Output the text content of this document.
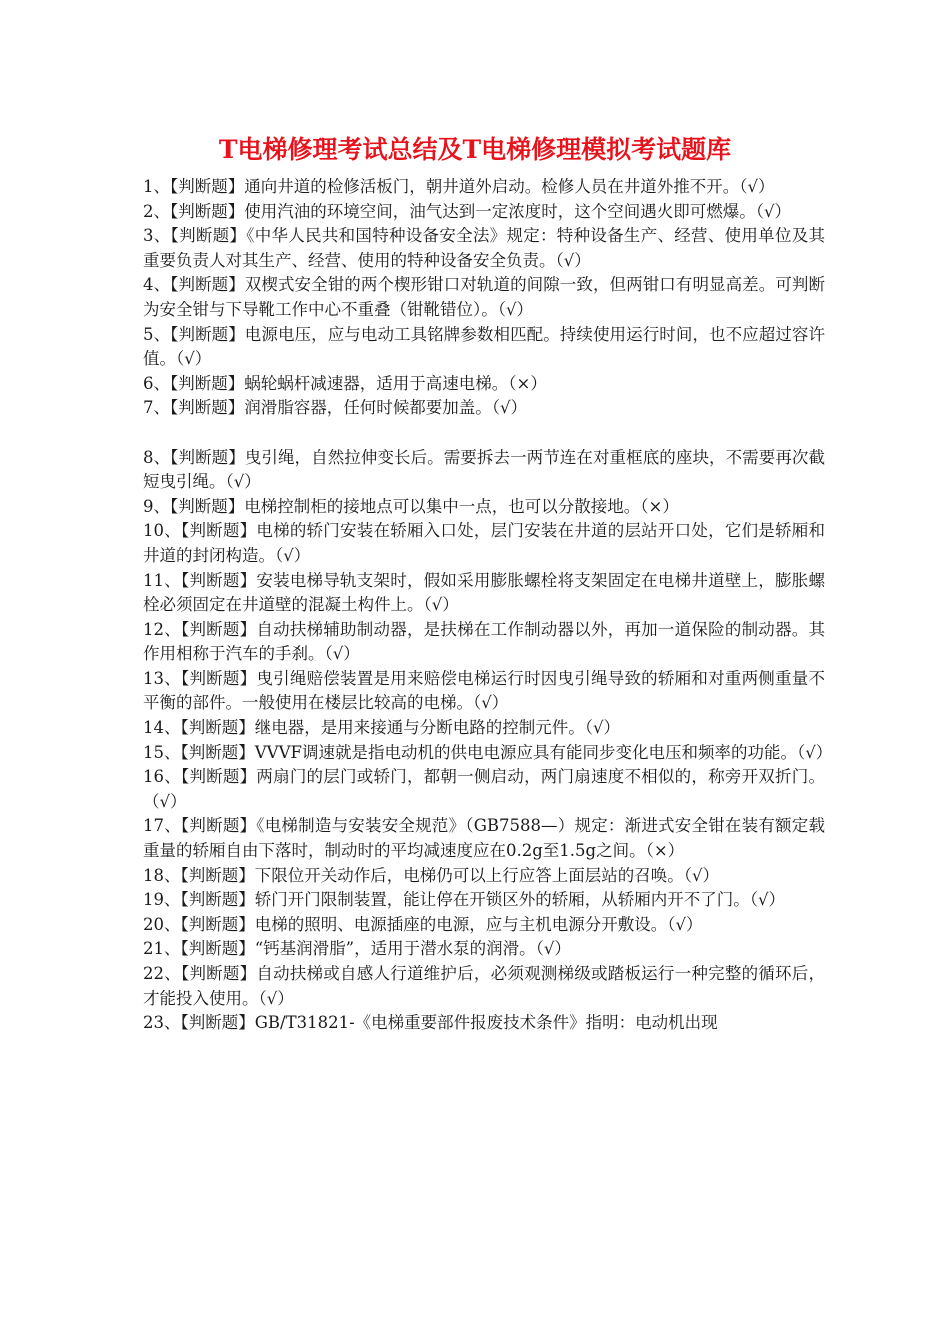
T电梯修理考试总结及T电梯修理模拟考试题库

1、【判断题】通向井道的检修活板门，朝井道外启动。检修人员在井道外推不开。（√）

2、【判断题】使用汽油的环境空间，油气达到一定浓度时，这个空间遇火即可燃爆。（√）

3、【判断题】《中华人民共和国特种设备安全法》规定：特种设备生产、经营、使用单位及其重要负责人对其生产、经营、使用的特种设备安全负责。（√）

4、【判断题】双楔式安全钳的两个楔形钳口对轨道的间隙一致，但两钳口有明显高差。可判断为安全钳与下导靴工作中心不重叠（钳靴错位）。（√）

5、【判断题】电源电压，应与电动工具铭牌参数相匹配。持续使用运行时间，也不应超过容许值。（√）

6、【判断题】蜗轮蜗杆减速器，适用于高速电梯。（×）

7、【判断题】润滑脂容器，任何时候都要加盖。（√）

8、【判断题】曳引绳，自然拉伸变长后。需要拆去一两节连在对重框底的座块，不需要再次截短曳引绳。（√）

9、【判断题】电梯控制柜的接地点可以集中一点，也可以分散接地。（×）

10、【判断题】电梯的轿门安装在轿厢入口处，层门安装在井道的层站开口处，它们是轿厢和井道的封闭构造。（√）

11、【判断题】安装电梯导轨支架时，假如采用膨胀螺栓将支架固定在电梯井道壁上，膨胀螺栓必须固定在井道壁的混凝土构件上。（√）

12、【判断题】自动扶梯辅助制动器，是扶梯在工作制动器以外，再加一道保险的制动器。其作用相称于汽车的手刹。（√）

13、【判断题】曳引绳赔偿装置是用来赔偿电梯运行时因曳引绳导致的轿厢和对重两侧重量不平衡的部件。一般使用在楼层比较高的电梯。（√）

14、【判断题】继电器，是用来接通与分断电路的控制元件。（√）

15、【判断题】VVVF调速就是指电动机的供电电源应具有能同步变化电压和频率的功能。（√）

16、【判断题】两扇门的层门或轿门，都朝一侧启动，两门扇速度不相似的，称旁开双折门。（√）

17、【判断题】《电梯制造与安装安全规范》（GB7588—）规定：渐进式安全钳在装有额定载重量的轿厢自由下落时，制动时的平均减速度应在0.2g至1.5g之间。（×）

18、【判断题】下限位开关动作后，电梯仍可以上行应答上面层站的召唤。（√）

19、【判断题】轿门开门限制装置，能让停在开锁区外的轿厢，从轿厢内开不了门。（√）

20、【判断题】电梯的照明、电源插座的电源，应与主机电源分开敷设。（√）

21、【判断题】“钙基润滑脂”，适用于潜水泵的润滑。（√）

22、【判断题】自动扶梯或自感人行道维护后，必须观测梯级或踏板运行一种完整的循环后，才能投入使用。（√）

23、【判断题】GB/T31821-《电梯重要部件报废技术条件》指明：电动机出现
